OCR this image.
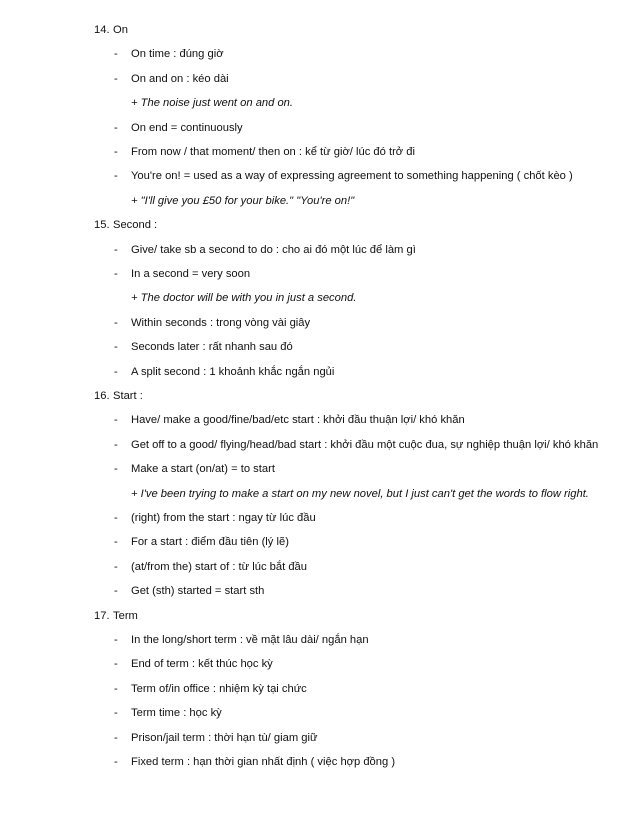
14. On
- On time : đúng giờ
- On and on : kéo dài
+ The noise just went on and on.
- On end = continuously
- From now / that moment/ then on : kể từ giờ/ lúc đó trở đi
- You're on! = used as a way of expressing agreement to something happening ( chốt kèo )
+ "I'll give you £50 for your bike." "You're on!"
15. Second :
- Give/ take sb a second to do : cho ai đó một lúc để làm gì
- In a second = very soon
+ The doctor will be with you in just a second.
- Within seconds : trong vòng vài giây
- Seconds later : rất nhanh sau đó
- A split second : 1 khoảnh khắc ngắn ngủi
16. Start :
- Have/ make a good/fine/bad/etc start : khởi đầu thuận lợi/ khó khăn
- Get off to a good/ flying/head/bad start : khởi đầu một cuộc đua, sự nghiệp thuận lợi/ khó khăn
- Make a start (on/at) = to start
+ I've been trying to make a start on my new novel, but I just can't get the words to flow right.
- (right) from the start : ngay từ lúc đầu
- For a start : điểm đầu tiên (lý lẽ)
- (at/from the) start of : từ lúc bắt đầu
- Get (sth) started = start sth
17. Term
- In the long/short term : về mặt lâu dài/ ngắn hạn
- End of term : kết thúc học kỳ
- Term of/in office : nhiệm kỳ tại chức
- Term time : học kỳ
- Prison/jail term : thời hạn tù/ giam giữ
- Fixed term : hạn thời gian nhất định ( việc hợp đồng )
